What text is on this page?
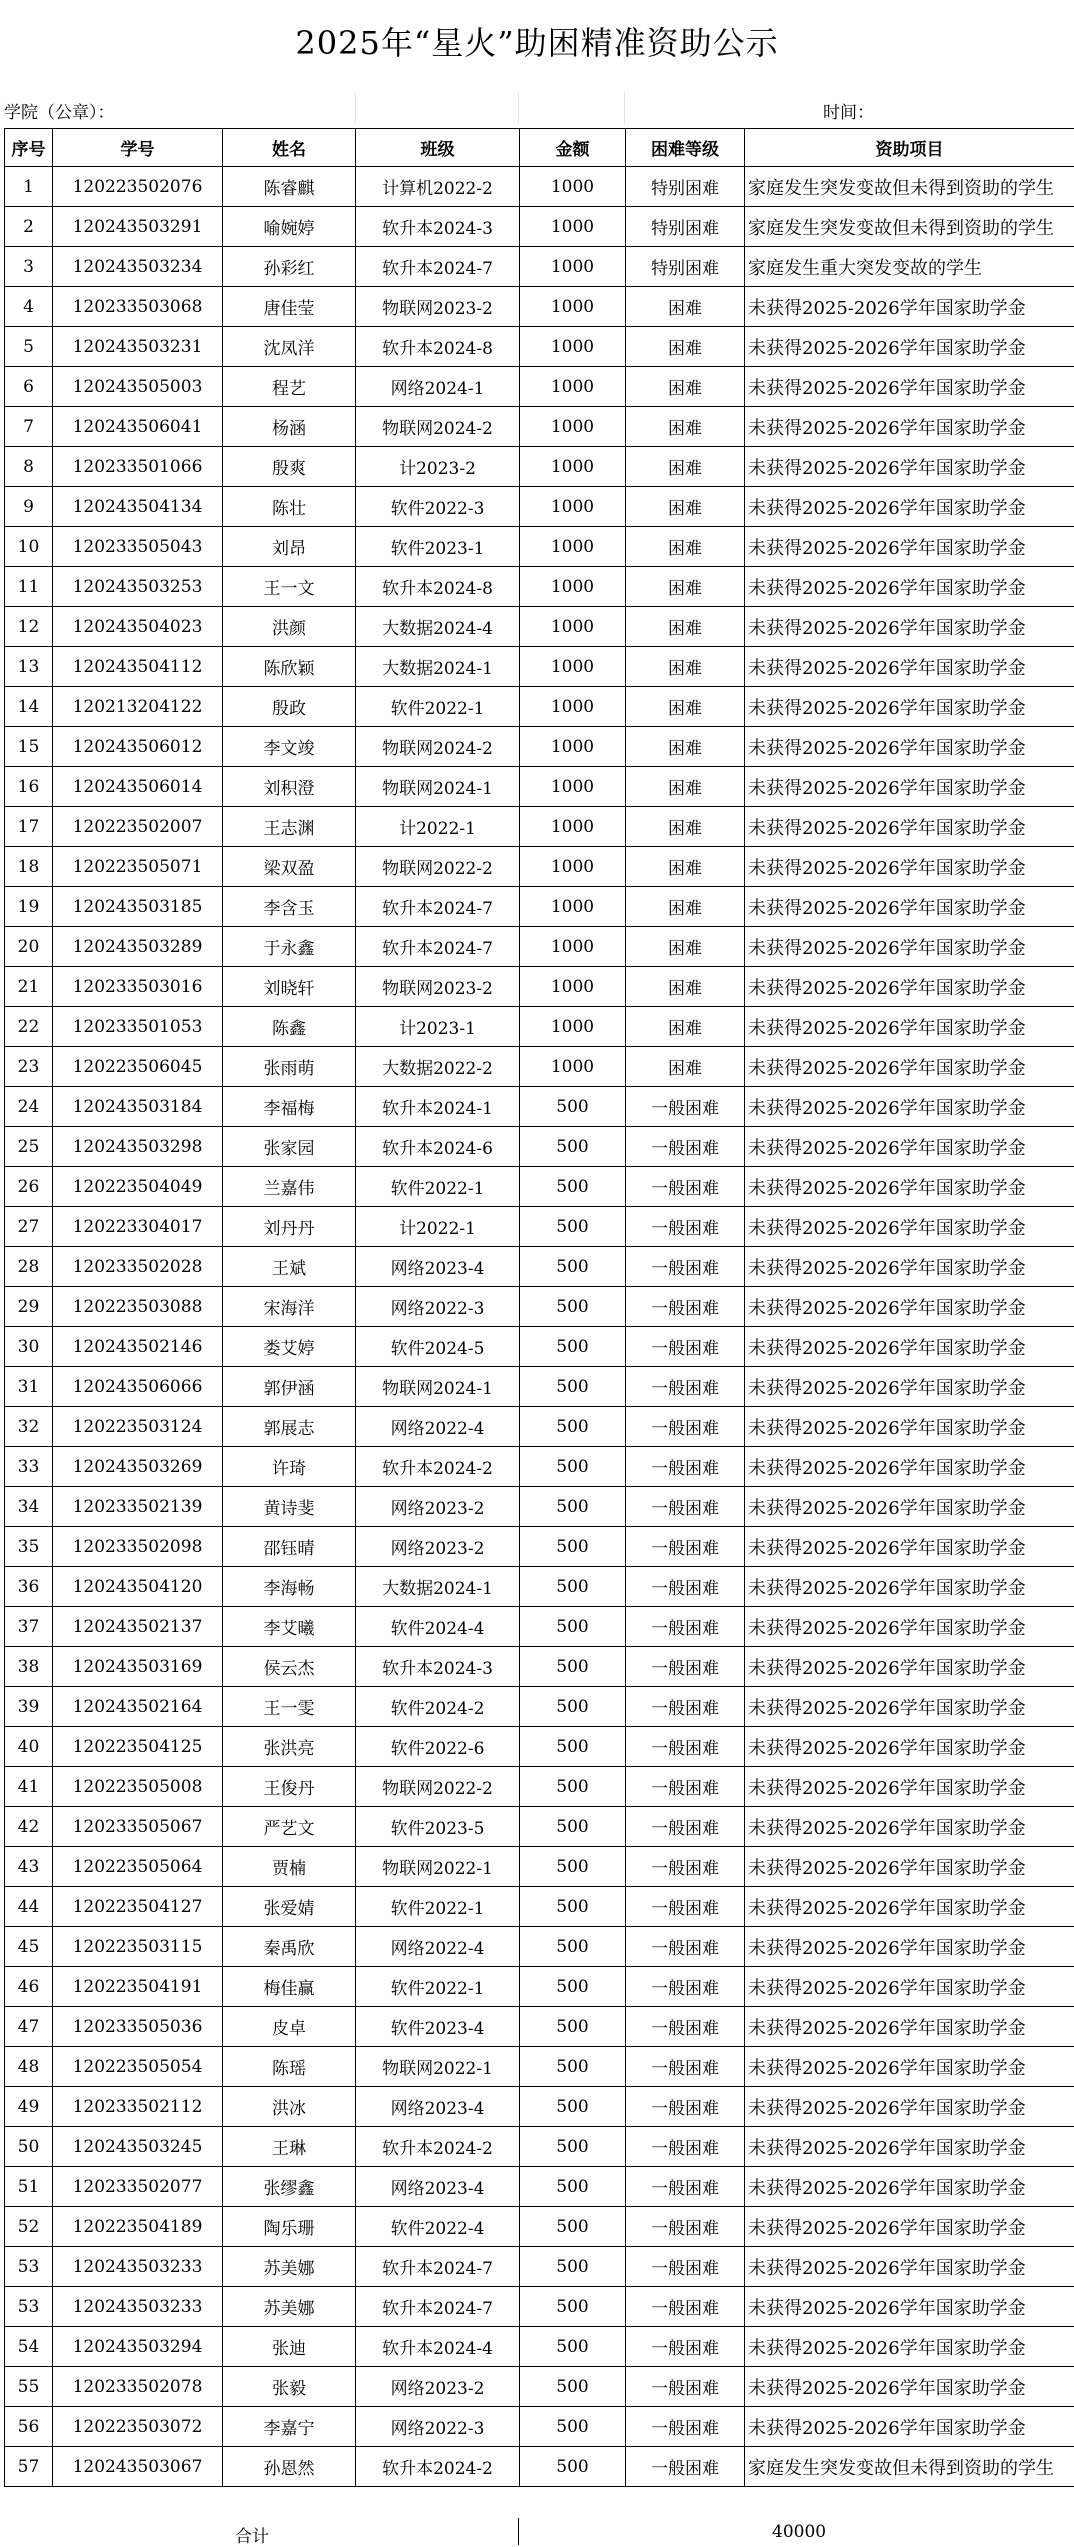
2025年“星火”助困精准资助公示
学院（公章）：	时间：
序号	学号	姓名	班级	金额	困难等级	资助项目
1	120223502076	陈睿麒	计算机2022-2	1000	特别困难	家庭发生突发变故但未得到资助的学生
2	120243503291	喻婉婷	软升本2024-3	1000	特别困难	家庭发生突发变故但未得到资助的学生
3	120243503234	孙彩红	软升本2024-7	1000	特别困难	家庭发生重大突发变故的学生
4	120233503068	唐佳莹	物联网2023-2	1000	困难	未获得2025-2026学年国家助学金
5	120243503231	沈凤洋	软升本2024-8	1000	困难	未获得2025-2026学年国家助学金
6	120243505003	程艺	网络2024-1	1000	困难	未获得2025-2026学年国家助学金
7	120243506041	杨涵	物联网2024-2	1000	困难	未获得2025-2026学年国家助学金
8	120233501066	殷爽	计2023-2	1000	困难	未获得2025-2026学年国家助学金
9	120243504134	陈壮	软件2022-3	1000	困难	未获得2025-2026学年国家助学金
10	120233505043	刘昂	软件2023-1	1000	困难	未获得2025-2026学年国家助学金
11	120243503253	王一文	软升本2024-8	1000	困难	未获得2025-2026学年国家助学金
12	120243504023	洪颜	大数据2024-4	1000	困难	未获得2025-2026学年国家助学金
13	120243504112	陈欣颖	大数据2024-1	1000	困难	未获得2025-2026学年国家助学金
14	120213204122	殷政	软件2022-1	1000	困难	未获得2025-2026学年国家助学金
15	120243506012	李文竣	物联网2024-2	1000	困难	未获得2025-2026学年国家助学金
16	120243506014	刘积澄	物联网2024-1	1000	困难	未获得2025-2026学年国家助学金
17	120223502007	王志渊	计2022-1	1000	困难	未获得2025-2026学年国家助学金
18	120223505071	梁双盈	物联网2022-2	1000	困难	未获得2025-2026学年国家助学金
19	120243503185	李含玉	软升本2024-7	1000	困难	未获得2025-2026学年国家助学金
20	120243503289	于永鑫	软升本2024-7	1000	困难	未获得2025-2026学年国家助学金
21	120233503016	刘晓轩	物联网2023-2	1000	困难	未获得2025-2026学年国家助学金
22	120233501053	陈鑫	计2023-1	1000	困难	未获得2025-2026学年国家助学金
23	120223506045	张雨萌	大数据2022-2	1000	困难	未获得2025-2026学年国家助学金
24	120243503184	李福梅	软升本2024-1	500	一般困难	未获得2025-2026学年国家助学金
25	120243503298	张家园	软升本2024-6	500	一般困难	未获得2025-2026学年国家助学金
26	120223504049	兰嘉伟	软件2022-1	500	一般困难	未获得2025-2026学年国家助学金
27	120223304017	刘丹丹	计2022-1	500	一般困难	未获得2025-2026学年国家助学金
28	120233502028	王斌	网络2023-4	500	一般困难	未获得2025-2026学年国家助学金
29	120223503088	宋海洋	网络2022-3	500	一般困难	未获得2025-2026学年国家助学金
30	120243502146	娄艾婷	软件2024-5	500	一般困难	未获得2025-2026学年国家助学金
31	120243506066	郭伊涵	物联网2024-1	500	一般困难	未获得2025-2026学年国家助学金
32	120223503124	郭展志	网络2022-4	500	一般困难	未获得2025-2026学年国家助学金
33	120243503269	许琦	软升本2024-2	500	一般困难	未获得2025-2026学年国家助学金
34	120233502139	黄诗斐	网络2023-2	500	一般困难	未获得2025-2026学年国家助学金
35	120233502098	邵钰晴	网络2023-2	500	一般困难	未获得2025-2026学年国家助学金
36	120243504120	李海畅	大数据2024-1	500	一般困难	未获得2025-2026学年国家助学金
37	120243502137	李艾曦	软件2024-4	500	一般困难	未获得2025-2026学年国家助学金
38	120243503169	侯云杰	软升本2024-3	500	一般困难	未获得2025-2026学年国家助学金
39	120243502164	王一雯	软件2024-2	500	一般困难	未获得2025-2026学年国家助学金
40	120223504125	张洪亮	软件2022-6	500	一般困难	未获得2025-2026学年国家助学金
41	120223505008	王俊丹	物联网2022-2	500	一般困难	未获得2025-2026学年国家助学金
42	120233505067	严艺文	软件2023-5	500	一般困难	未获得2025-2026学年国家助学金
43	120223505064	贾楠	物联网2022-1	500	一般困难	未获得2025-2026学年国家助学金
44	120223504127	张爱婧	软件2022-1	500	一般困难	未获得2025-2026学年国家助学金
45	120223503115	秦禹欣	网络2022-4	500	一般困难	未获得2025-2026学年国家助学金
46	120223504191	梅佳赢	软件2022-1	500	一般困难	未获得2025-2026学年国家助学金
47	120233505036	皮卓	软件2023-4	500	一般困难	未获得2025-2026学年国家助学金
48	120223505054	陈瑶	物联网2022-1	500	一般困难	未获得2025-2026学年国家助学金
49	120233502112	洪冰	网络2023-4	500	一般困难	未获得2025-2026学年国家助学金
50	120243503245	王琳	软升本2024-2	500	一般困难	未获得2025-2026学年国家助学金
51	120233502077	张缪鑫	网络2023-4	500	一般困难	未获得2025-2026学年国家助学金
52	120223504189	陶乐珊	软件2022-4	500	一般困难	未获得2025-2026学年国家助学金
53	120243503233	苏美娜	软升本2024-7	500	一般困难	未获得2025-2026学年国家助学金
53	120243503233	苏美娜	软升本2024-7	500	一般困难	未获得2025-2026学年国家助学金
54	120243503294	张迪	软升本2024-4	500	一般困难	未获得2025-2026学年国家助学金
55	120233502078	张毅	网络2023-2	500	一般困难	未获得2025-2026学年国家助学金
56	120223503072	李嘉宁	网络2022-3	500	一般困难	未获得2025-2026学年国家助学金
57	120243503067	孙恩然	软升本2024-2	500	一般困难	家庭发生突发变故但未得到资助的学生
合计	40000
